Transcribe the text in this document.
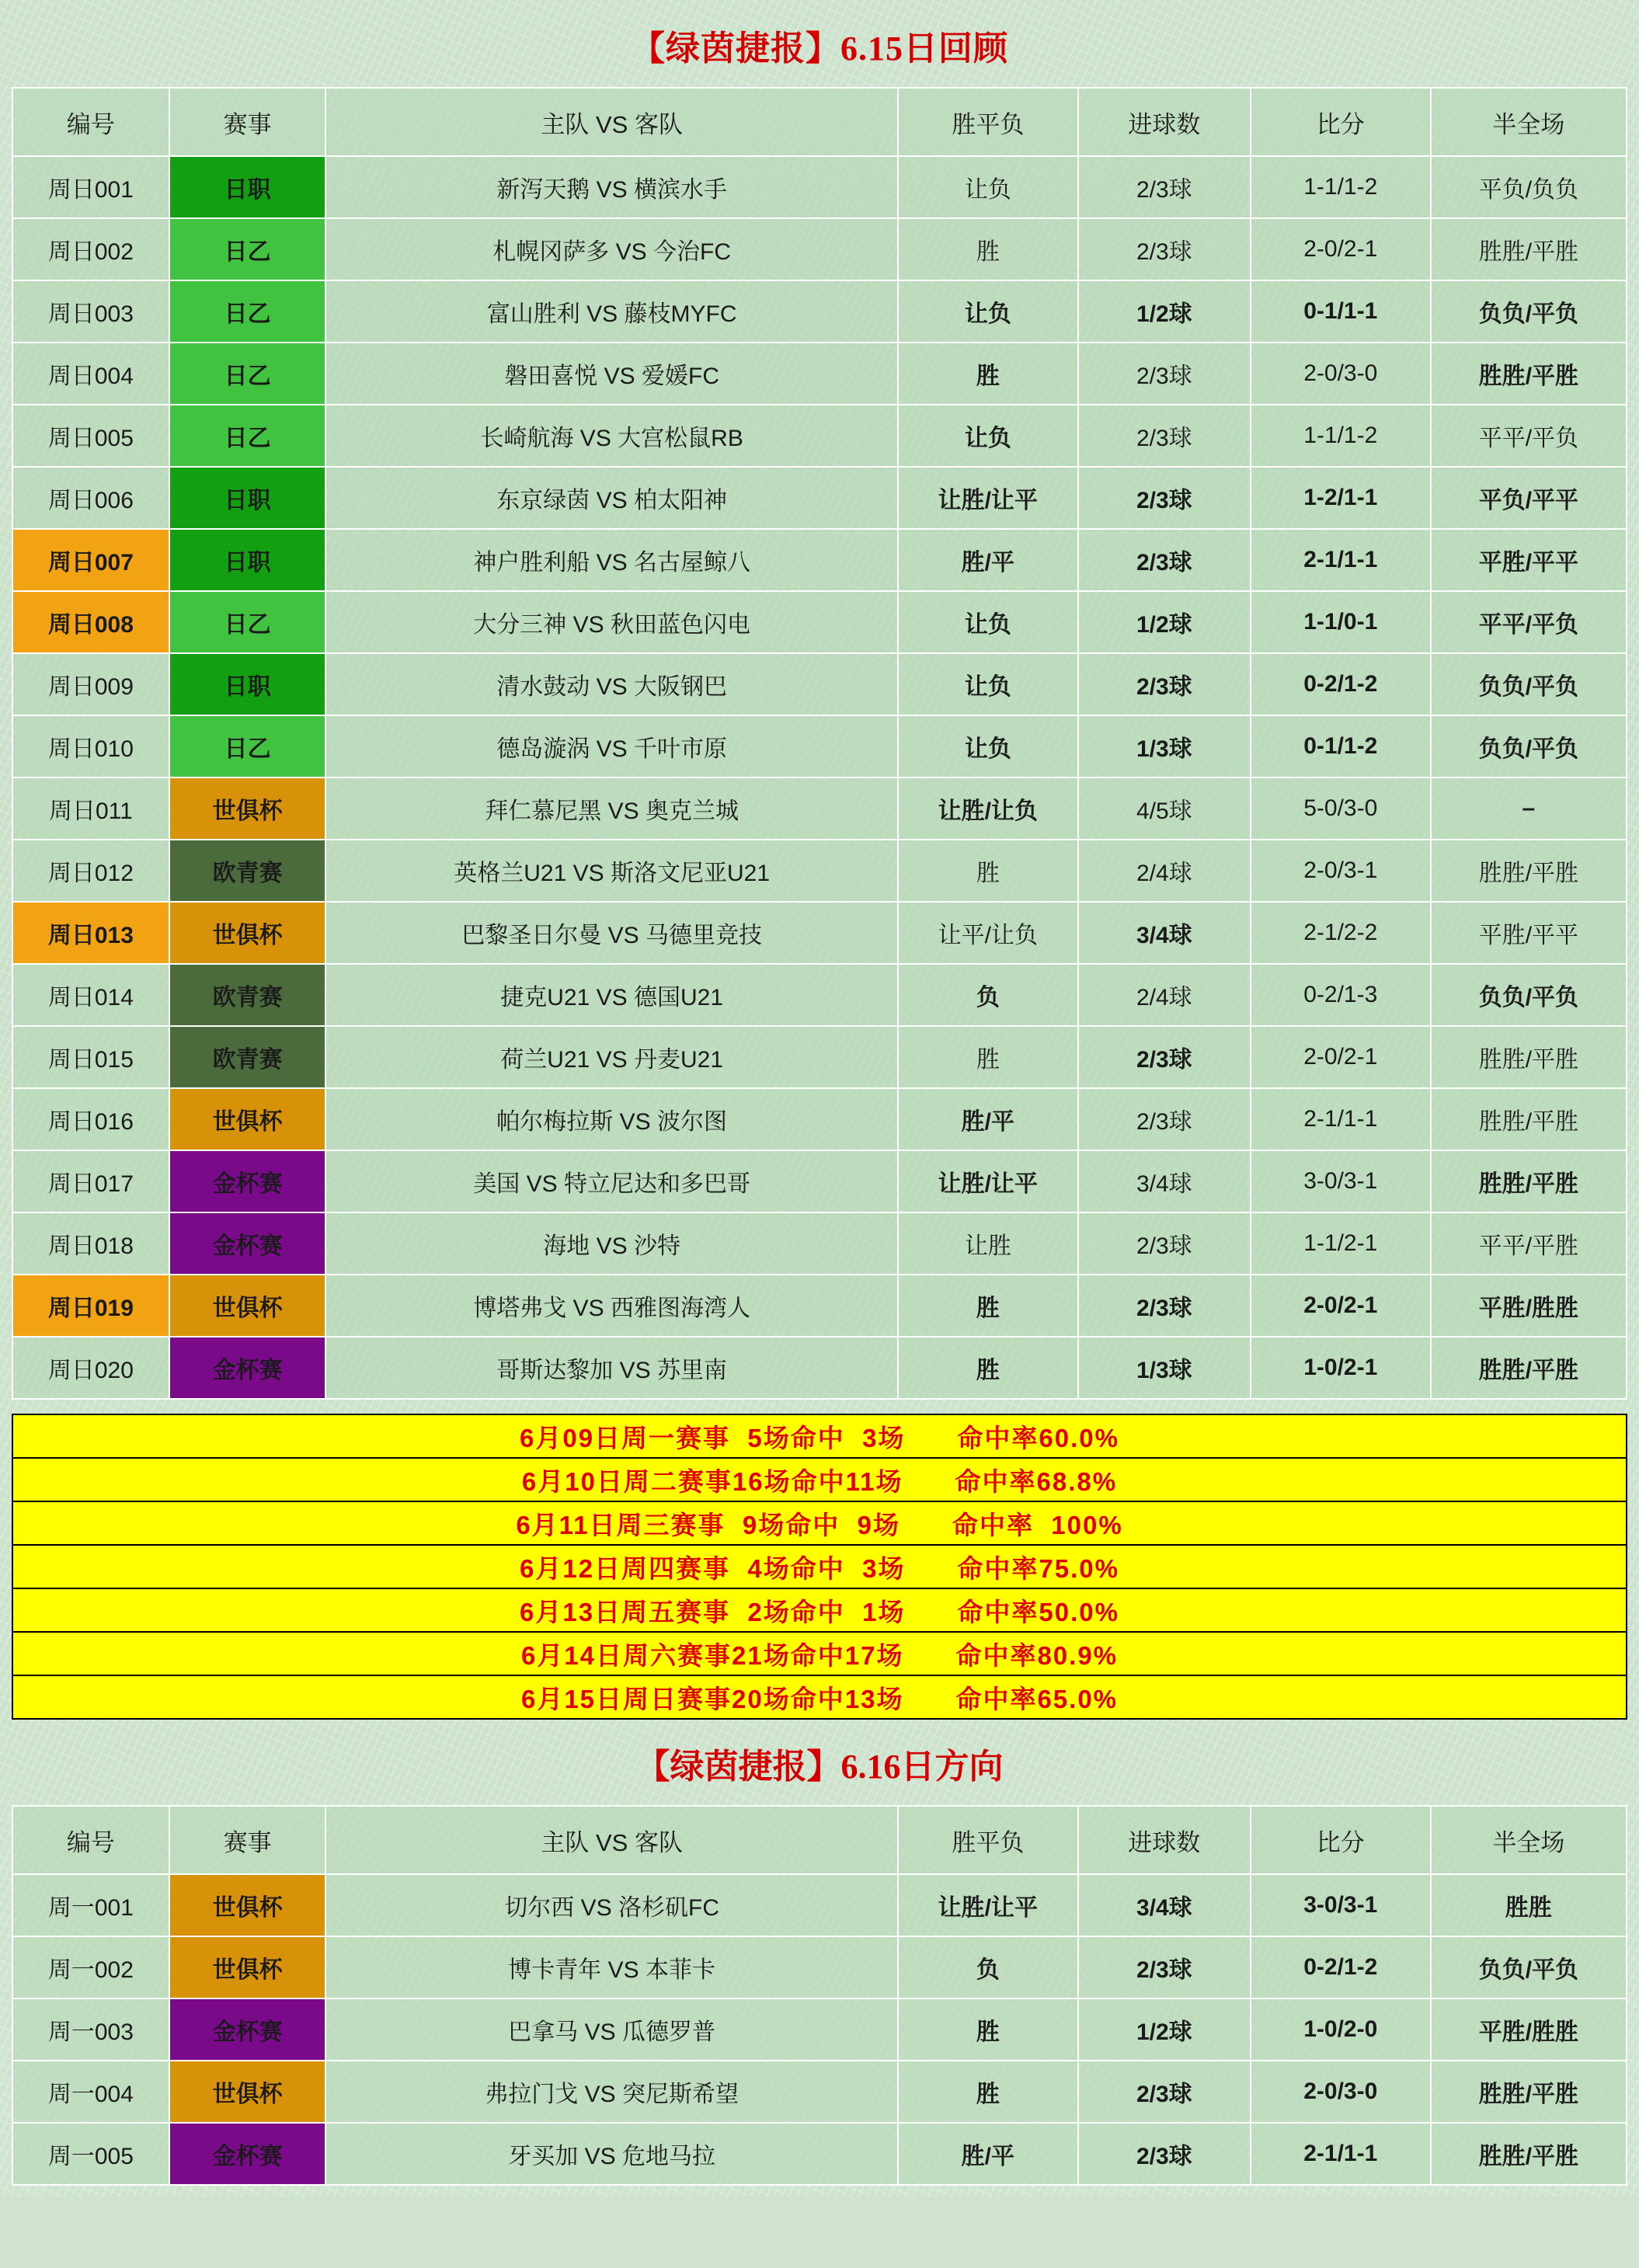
【绿茵捷报】6.15日回顾
编号	赛事	主队 VS 客队	胜平负	进球数	比分	半全场
周日001	日职	新泻天鹅 VS 横滨水手	让负	2/3球	1-1/1-2	平负/负负
周日002	日乙	札幌冈萨多 VS 今治FC	胜	2/3球	2-0/2-1	胜胜/平胜
周日003	日乙	富山胜利 VS 藤枝MYFC	让负	1/2球	0-1/1-1	负负/平负
周日004	日乙	磐田喜悦 VS 爱媛FC	胜	2/3球	2-0/3-0	胜胜/平胜
周日005	日乙	长崎航海 VS 大宫松鼠RB	让负	2/3球	1-1/1-2	平平/平负
周日006	日职	东京绿茵 VS 柏太阳神	让胜/让平	2/3球	1-2/1-1	平负/平平
周日007	日职	神户胜利船 VS 名古屋鲸八	胜/平	2/3球	2-1/1-1	平胜/平平
周日008	日乙	大分三神 VS 秋田蓝色闪电	让负	1/2球	1-1/0-1	平平/平负
周日009	日职	清水鼓动 VS 大阪钢巴	让负	2/3球	0-2/1-2	负负/平负
周日010	日乙	德岛漩涡 VS 千叶市原	让负	1/3球	0-1/1-2	负负/平负
周日011	世俱杯	拜仁慕尼黑 VS 奥克兰城	让胜/让负	4/5球	5-0/3-0	–
周日012	欧青赛	英格兰U21 VS 斯洛文尼亚U21	胜	2/4球	2-0/3-1	胜胜/平胜
周日013	世俱杯	巴黎圣日尔曼 VS 马德里竞技	让平/让负	3/4球	2-1/2-2	平胜/平平
周日014	欧青赛	捷克U21 VS 德国U21	负	2/4球	0-2/1-3	负负/平负
周日015	欧青赛	荷兰U21 VS 丹麦U21	胜	2/3球	2-0/2-1	胜胜/平胜
周日016	世俱杯	帕尔梅拉斯 VS 波尔图	胜/平	2/3球	2-1/1-1	胜胜/平胜
周日017	金杯赛	美国 VS 特立尼达和多巴哥	让胜/让平	3/4球	3-0/3-1	胜胜/平胜
周日018	金杯赛	海地 VS 沙特	让胜	2/3球	1-1/2-1	平平/平胜
周日019	世俱杯	博塔弗戈 VS 西雅图海湾人	胜	2/3球	2-0/2-1	平胜/胜胜
周日020	金杯赛	哥斯达黎加 VS 苏里南	胜	1/3球	1-0/2-1	胜胜/平胜
6月09日周一赛事  5场命中  3场      命中率60.0%
6月10日周二赛事16场命中11场      命中率68.8%
6月11日周三赛事  9场命中  9场      命中率  100%
6月12日周四赛事  4场命中  3场      命中率75.0%
6月13日周五赛事  2场命中  1场      命中率50.0%
6月14日周六赛事21场命中17场      命中率80.9%
6月15日周日赛事20场命中13场      命中率65.0%
【绿茵捷报】6.16日方向
编号	赛事	主队 VS 客队	胜平负	进球数	比分	半全场
周一001	世俱杯	切尔西 VS 洛杉矶FC	让胜/让平	3/4球	3-0/3-1	胜胜
周一002	世俱杯	博卡青年 VS 本菲卡	负	2/3球	0-2/1-2	负负/平负
周一003	金杯赛	巴拿马 VS 瓜德罗普	胜	1/2球	1-0/2-0	平胜/胜胜
周一004	世俱杯	弗拉门戈 VS 突尼斯希望	胜	2/3球	2-0/3-0	胜胜/平胜
周一005	金杯赛	牙买加 VS 危地马拉	胜/平	2/3球	2-1/1-1	胜胜/平胜
